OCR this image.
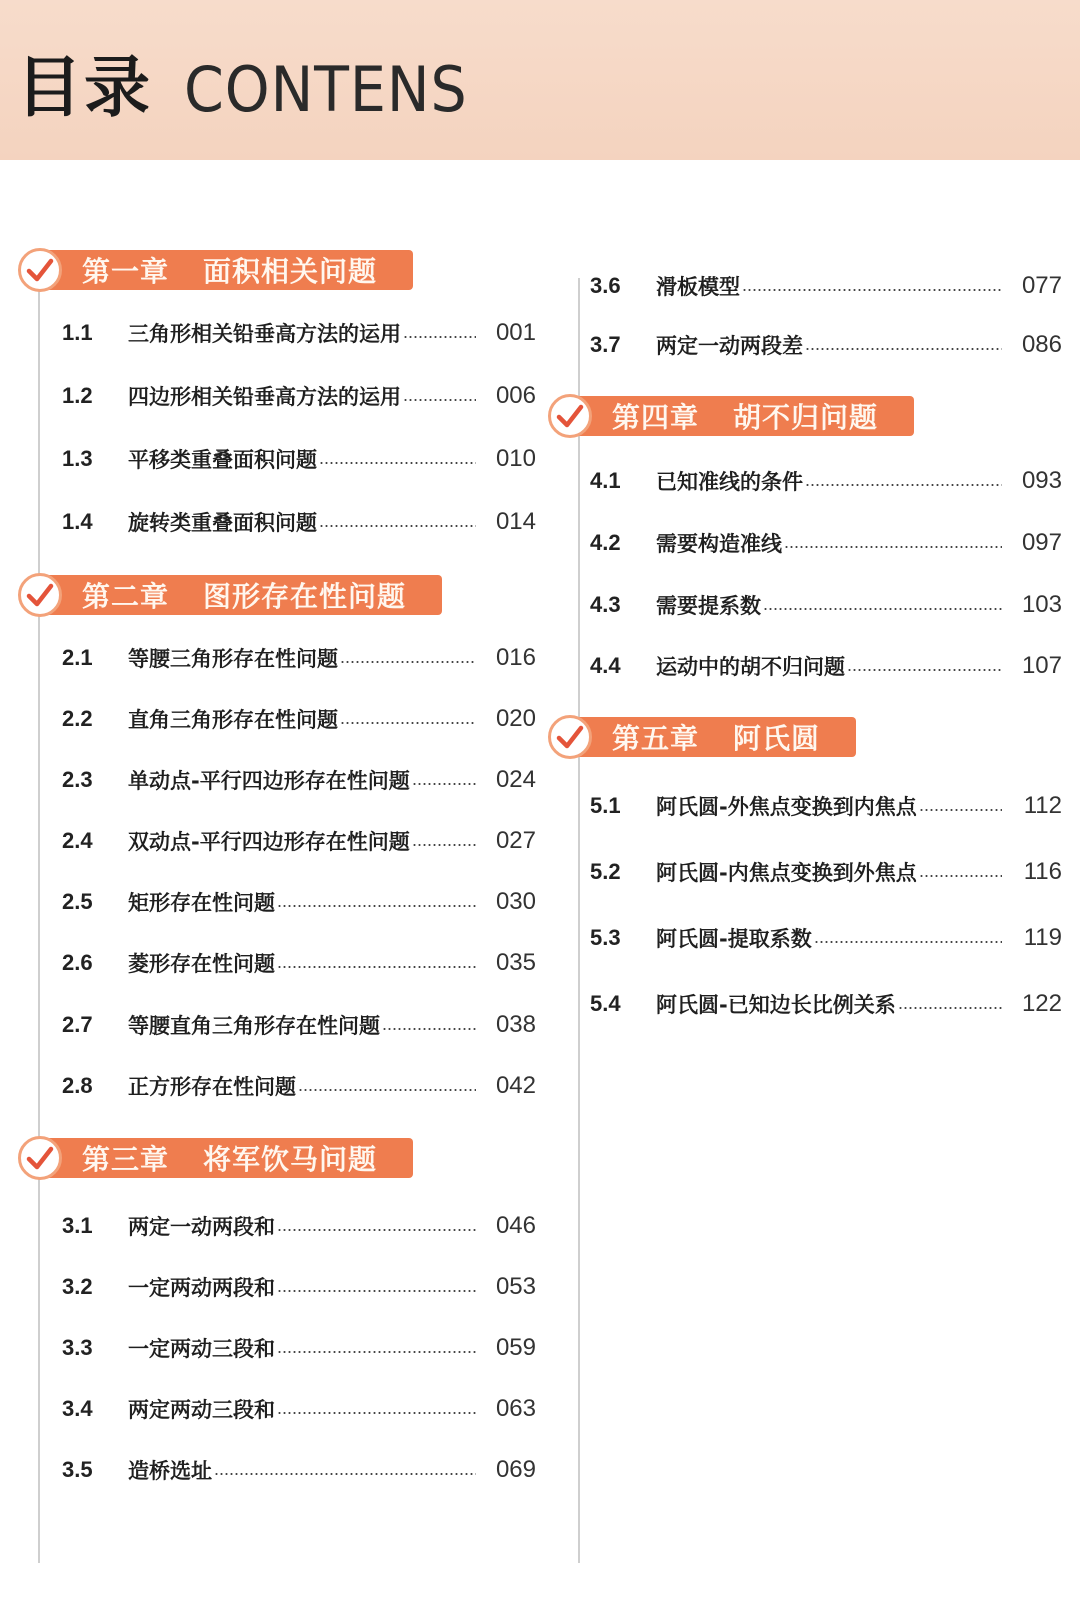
目录 CONTENS
第一章 面积相关问题
1.1	三角形相关铅垂高方法的运用	001
1.2	四边形相关铅垂高方法的运用	006
1.3	平移类重叠面积问题	010
1.4	旋转类重叠面积问题	014
第二章 图形存在性问题
2.1	等腰三角形存在性问题	016
2.2	直角三角形存在性问题	020
2.3	单动点-平行四边形存在性问题	024
2.4	双动点-平行四边形存在性问题	027
2.5	矩形存在性问题	030
2.6	菱形存在性问题	035
2.7	等腰直角三角形存在性问题	038
2.8	正方形存在性问题	042
第三章 将军饮马问题
3.1	两定一动两段和	046
3.2	一定两动两段和	053
3.3	一定两动三段和	059
3.4	两定两动三段和	063
3.5	造桥选址	069
3.6	滑板模型	077
3.7	两定一动两段差	086
第四章 胡不归问题
4.1	已知准线的条件	093
4.2	需要构造准线	097
4.3	需要提系数	103
4.4	运动中的胡不归问题	107
第五章 阿氏圆
5.1	阿氏圆-外焦点变换到内焦点	112
5.2	阿氏圆-内焦点变换到外焦点	116
5.3	阿氏圆-提取系数	119
5.4	阿氏圆-已知边长比例关系	122
